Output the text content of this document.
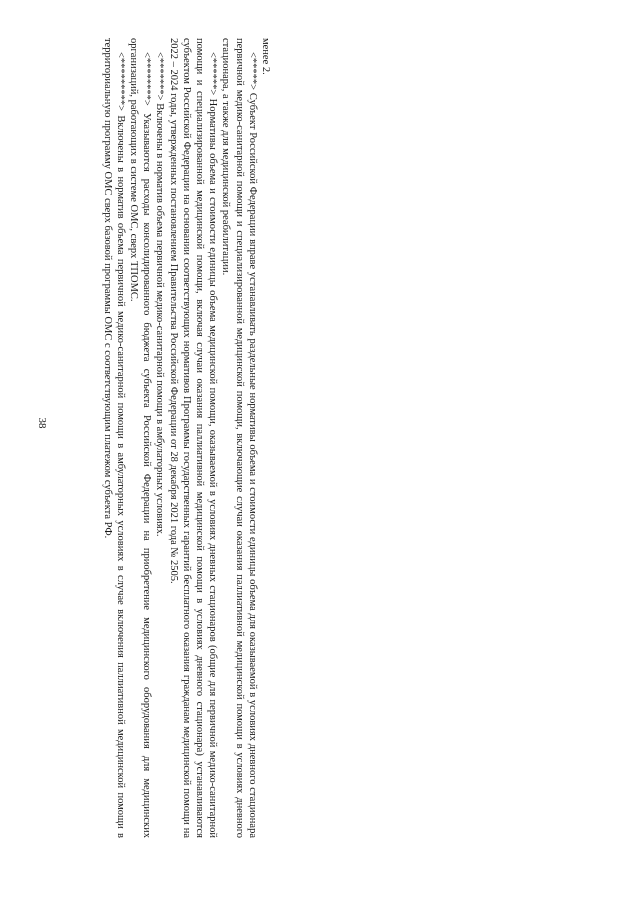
38

менее 2.

<*****> Субъект Российской Федерации вправе устанавливать раздельные нормативы объема и стоимости единицы объема для оказываемой в условиях дневного стационара первичной медико-санитарной помощи и специализированной медицинской помощи, включающие случаи оказания паллиативной медицинской помощи в условиях дневного стационара, а также для медицинской реабилитации.

<******> Нормативы объема и стоимости единицы объема медицинской помощи, оказываемой в условиях дневных стационаров (общие для первичной медико-санитарной помощи и специализированной медицинской помощи, включая случаи оказания паллиативной медицинской помощи в условиях дневного стационара) устанавливаются субъектом Российской Федерации на основании соответствующих нормативов Программы государственных гарантий бесплатного оказания гражданам медицинской помощи на 2022 – 2024 годы, утвержденных постановлением Правительства Российской Федерации от 28 декабря 2021 года № 2505.

<*******> Включены в норматив объема первичной медико-санитарной помощи в амбулаторных условиях.

<********> Указываются расходы консолидированного бюджета субъекта Российской Федерации на приобретение медицинского оборудования для медицинских организаций, работающих в системе ОМС, сверх ТПОМС.

<*********> Включены в норматив объема первичной медико-санитарной помощи в амбулаторных условиях в случае включения паллиативной медицинской помощи в территориальную программу ОМС сверх базовой программы ОМС с соответствующим платежом субъекта РФ.
